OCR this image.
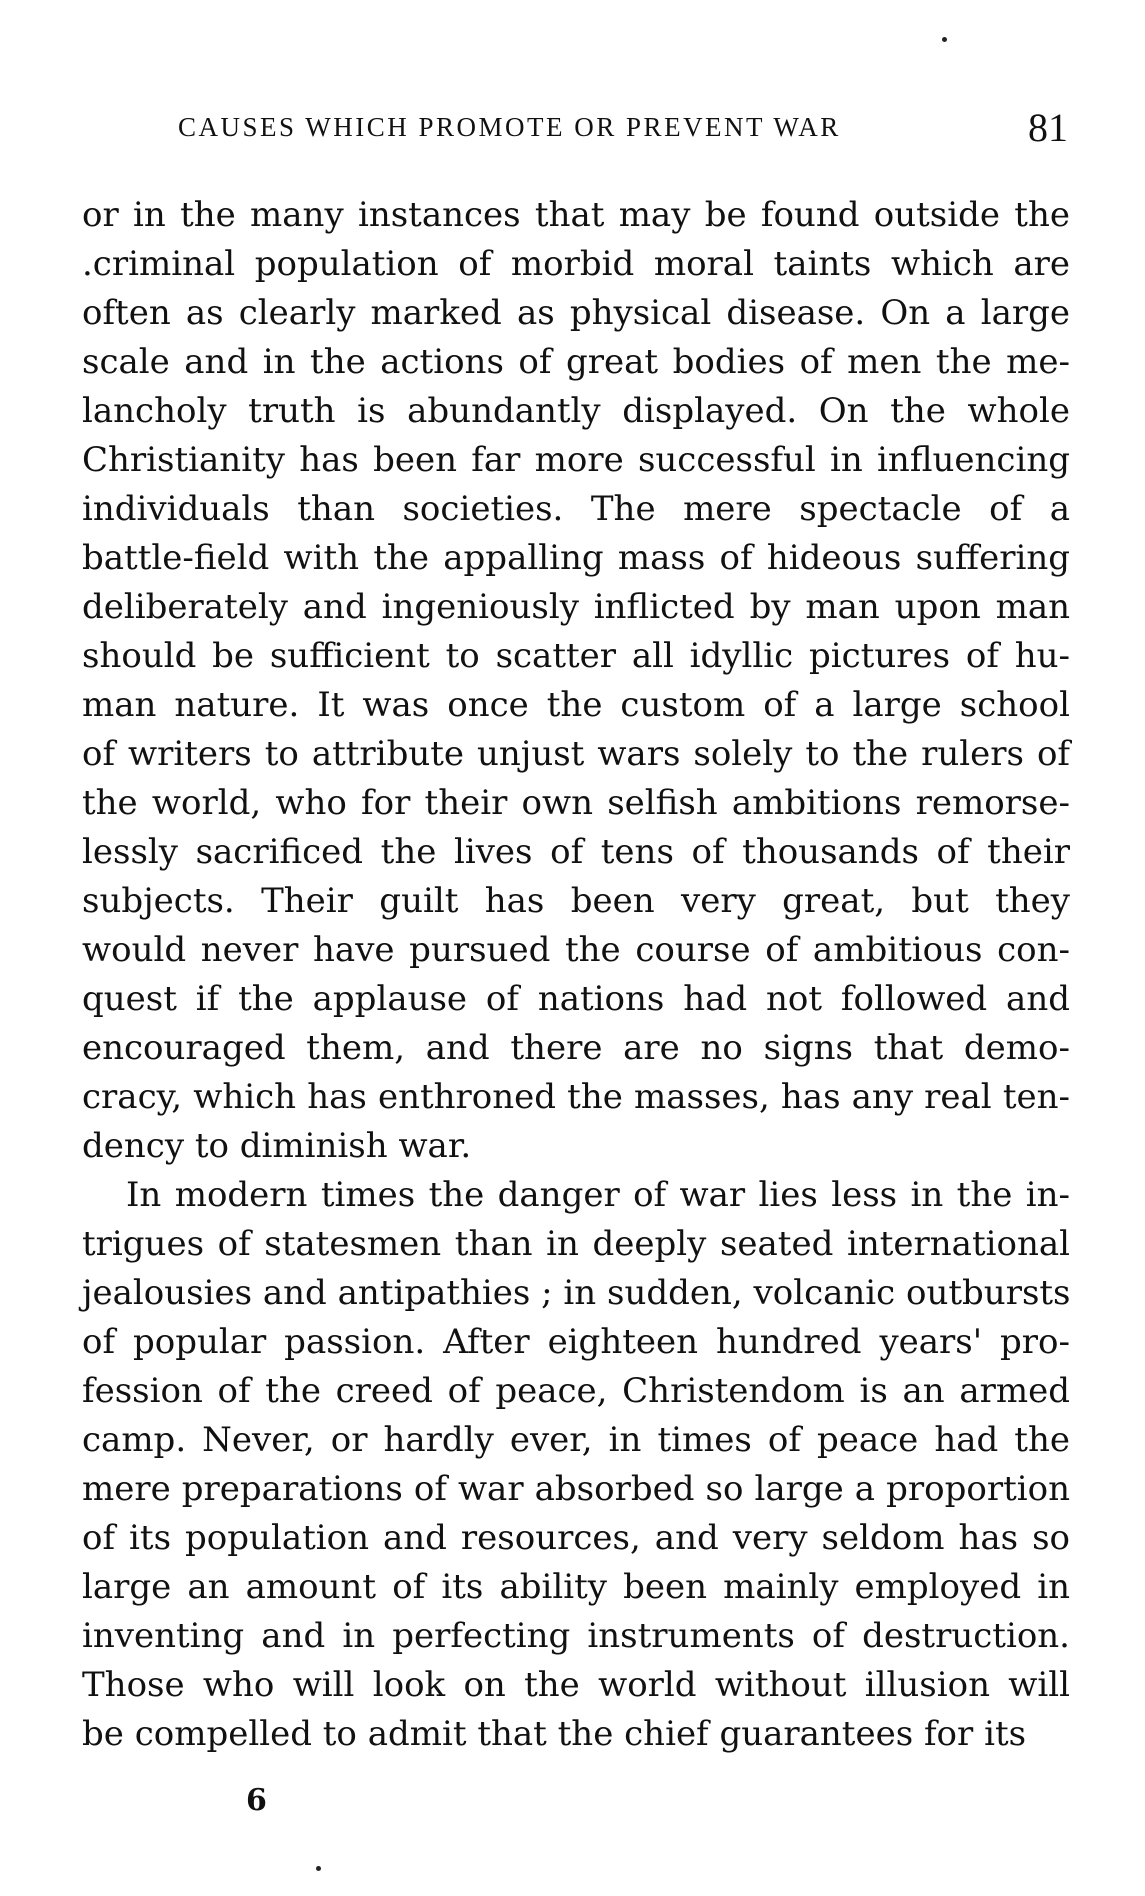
CAUSES WHICH PROMOTE OR PREVENT WAR	81
or in the many instances that may be found outside the
.criminal population of morbid moral taints which are
often as clearly marked as physical disease. On a large
scale and in the actions of great bodies of men the me-
lancholy truth is abundantly displayed. On the whole
Christianity has been far more successful in influencing
individuals than societies. The mere spectacle of a
battle-field with the appalling mass of hideous suffering
deliberately and ingeniously inflicted by man upon man
should be sufficient to scatter all idyllic pictures of hu-
man nature. It was once the custom of a large school
of writers to attribute unjust wars solely to the rulers of
the world, who for their own selfish ambitions remorse-
lessly sacrificed the lives of tens of thousands of their
subjects. Their guilt has been very great, but they
would never have pursued the course of ambitious con-
quest if the applause of nations had not followed and
encouraged them, and there are no signs that demo-
cracy, which has enthroned the masses, has any real ten-
dency to diminish war.
In modern times the danger of war lies less in the in-
trigues of statesmen than in deeply seated international
jealousies and antipathies ; in sudden, volcanic outbursts
of popular passion. After eighteen hundred years' pro-
fession of the creed of peace, Christendom is an armed
camp. Never, or hardly ever, in times of peace had the
mere preparations of war absorbed so large a proportion
of its population and resources, and very seldom has so
large an amount of its ability been mainly employed in
inventing and in perfecting instruments of destruction.
Those who will look on the world without illusion will
be compelled to admit that the chief guarantees for its
6
